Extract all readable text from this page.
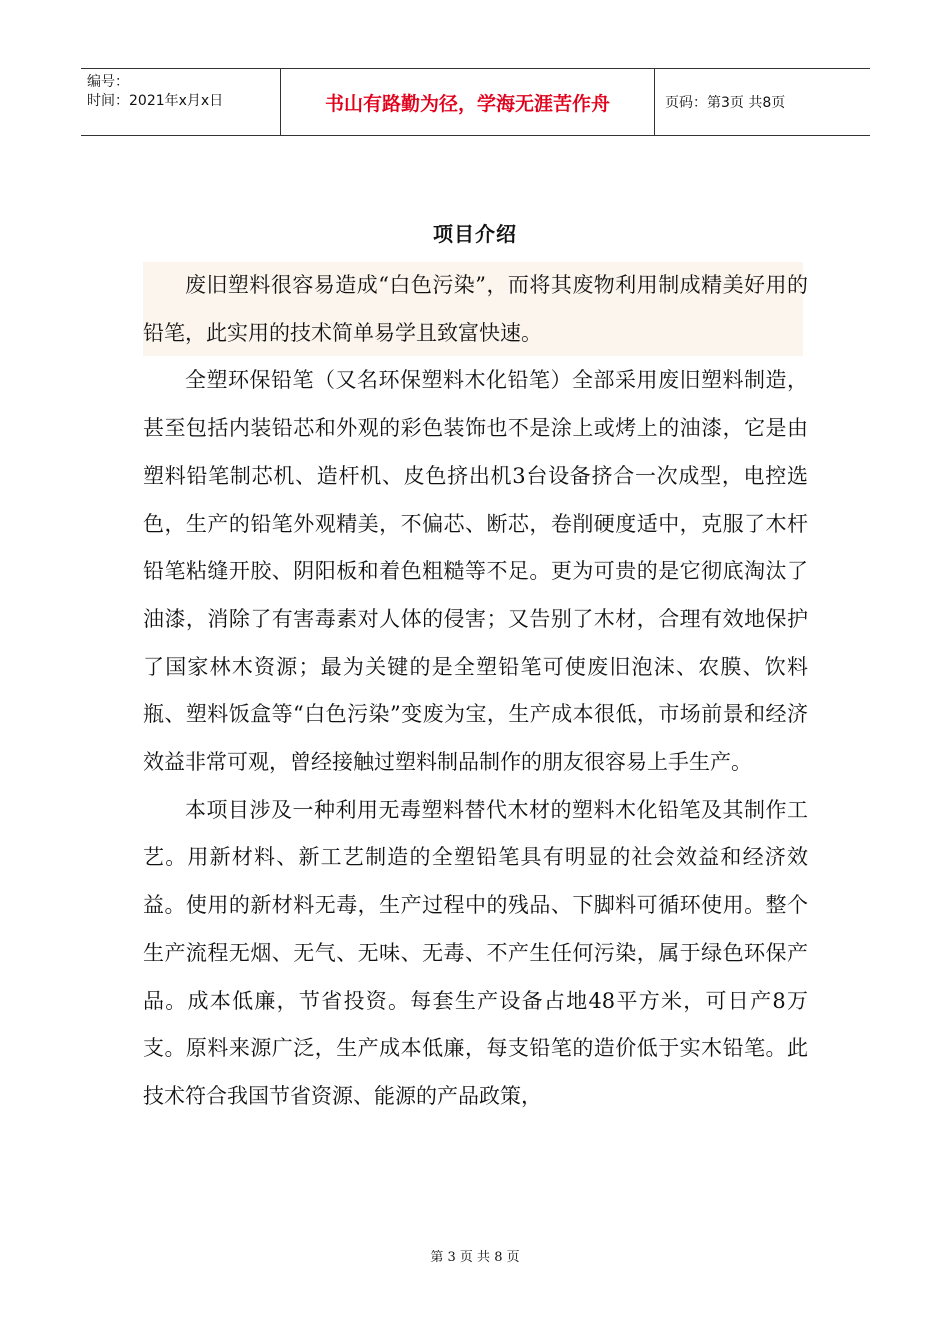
编号：
时间：2021年x月x日	书山有路勤为径，学海无涯苦作舟	页码：第3页 共8页
项目介绍

废旧塑料很容易造成“白色污染”，而将其废物利用制成精美好用的铅笔，此实用的技术简单易学且致富快速。

全塑环保铅笔（又名环保塑料木化铅笔）全部采用废旧塑料制造，甚至包括内装铅芯和外观的彩色装饰也不是涂上或烤上的油漆，它是由塑料铅笔制芯机、造杆机、皮色挤出机3台设备挤合一次成型，电控选色，生产的铅笔外观精美，不偏芯、断芯，卷削硬度适中，克服了木杆铅笔粘缝开胶、阴阳板和着色粗糙等不足。更为可贵的是它彻底淘汰了油漆，消除了有害毒素对人体的侵害；又告别了木材，合理有效地保护了国家林木资源；最为关键的是全塑铅笔可使废旧泡沫、农膜、饮料瓶、塑料饭盒等“白色污染”变废为宝，生产成本很低，市场前景和经济效益非常可观，曾经接触过塑料制品制作的朋友很容易上手生产。

本项目涉及一种利用无毒塑料替代木材的塑料木化铅笔及其制作工艺。用新材料、新工艺制造的全塑铅笔具有明显的社会效益和经济效益。使用的新材料无毒，生产过程中的残品、下脚料可循环使用。整个生产流程无烟、无气、无味、无毒、不产生任何污染，属于绿色环保产品。成本低廉，节省投资。每套生产设备占地48平方米，可日产8万支。原料来源广泛，生产成本低廉，每支铅笔的造价低于实木铅笔。此技术符合我国节省资源、能源的产品政策，

第 3 页 共 8 页
